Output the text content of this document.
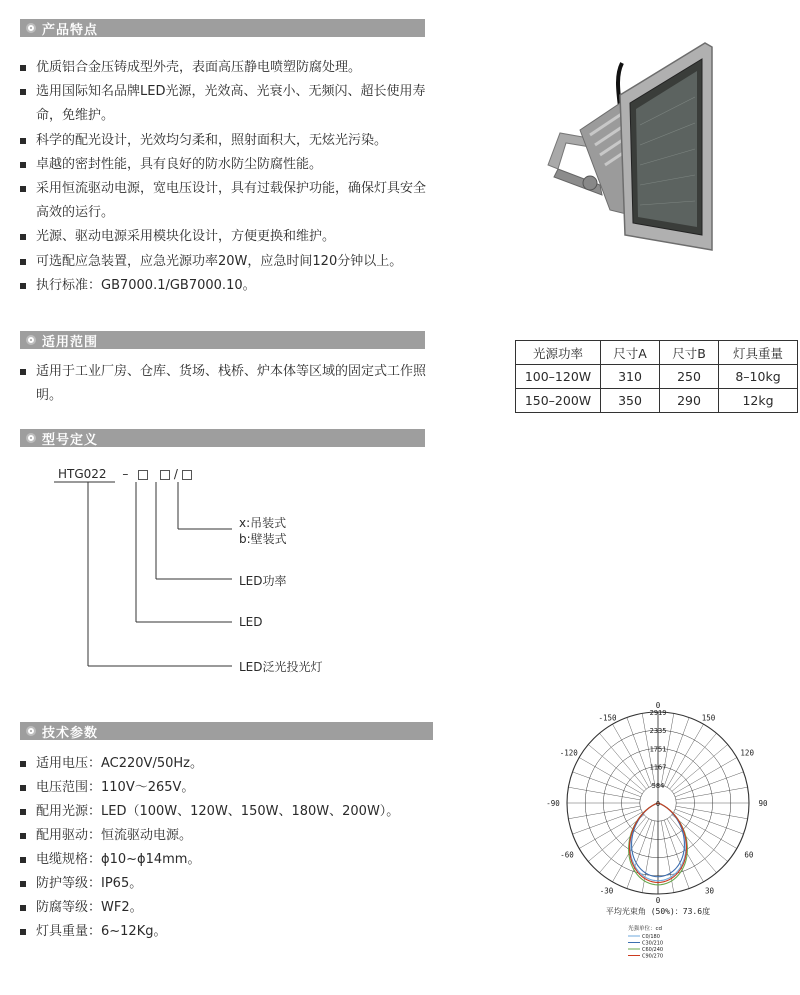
产品特点
优质铝合金压铸成型外壳，表面高压静电喷塑防腐处理。
选用国际知名品牌LED光源，光效高、光衰小、无频闪、超长使用寿命，免维护。
科学的配光设计，光效均匀柔和，照射面积大，无炫光污染。
卓越的密封性能，具有良好的防水防尘防腐性能。
采用恒流驱动电源，宽电压设计，具有过载保护功能，确保灯具安全高效的运行。
光源、驱动电源采用模块化设计，方便更换和维护。
可选配应急装置，应急光源功率20W，应急时间120分钟以上。
执行标准：GB7000.1/GB7000.10。
适用范围
适用于工业厂房、仓库、货场、栈桥、炉本体等区域的固定式工作照明。
光源功率	尺寸A	尺寸B	灯具重量
100–120W	310	250	8–10kg
150–200W	350	290	12kg
型号定义
HTG022 –	/
x:吊装式
b:壁装式
LED功率
LED
LED泛光投光灯
技术参数
适用电压：AC220V/50Hz。
电压范围：110V～265V。
配用光源：LED（100W、120W、150W、180W、200W）。
配用驱动：恒流驱动电源。
电缆规格：ϕ10~ϕ14mm。
防护等级：IP65。
防腐等级：WF2。
灯具重量：6~12Kg。
2919
2335
1751
1167
584
-150	150
-120	120
-90	90
-60	60
-30	30
0
0
0
平均光束角 (50%)：73.6度
光强单位：cd
C0/180
C30/210
C60/240
C90/270
